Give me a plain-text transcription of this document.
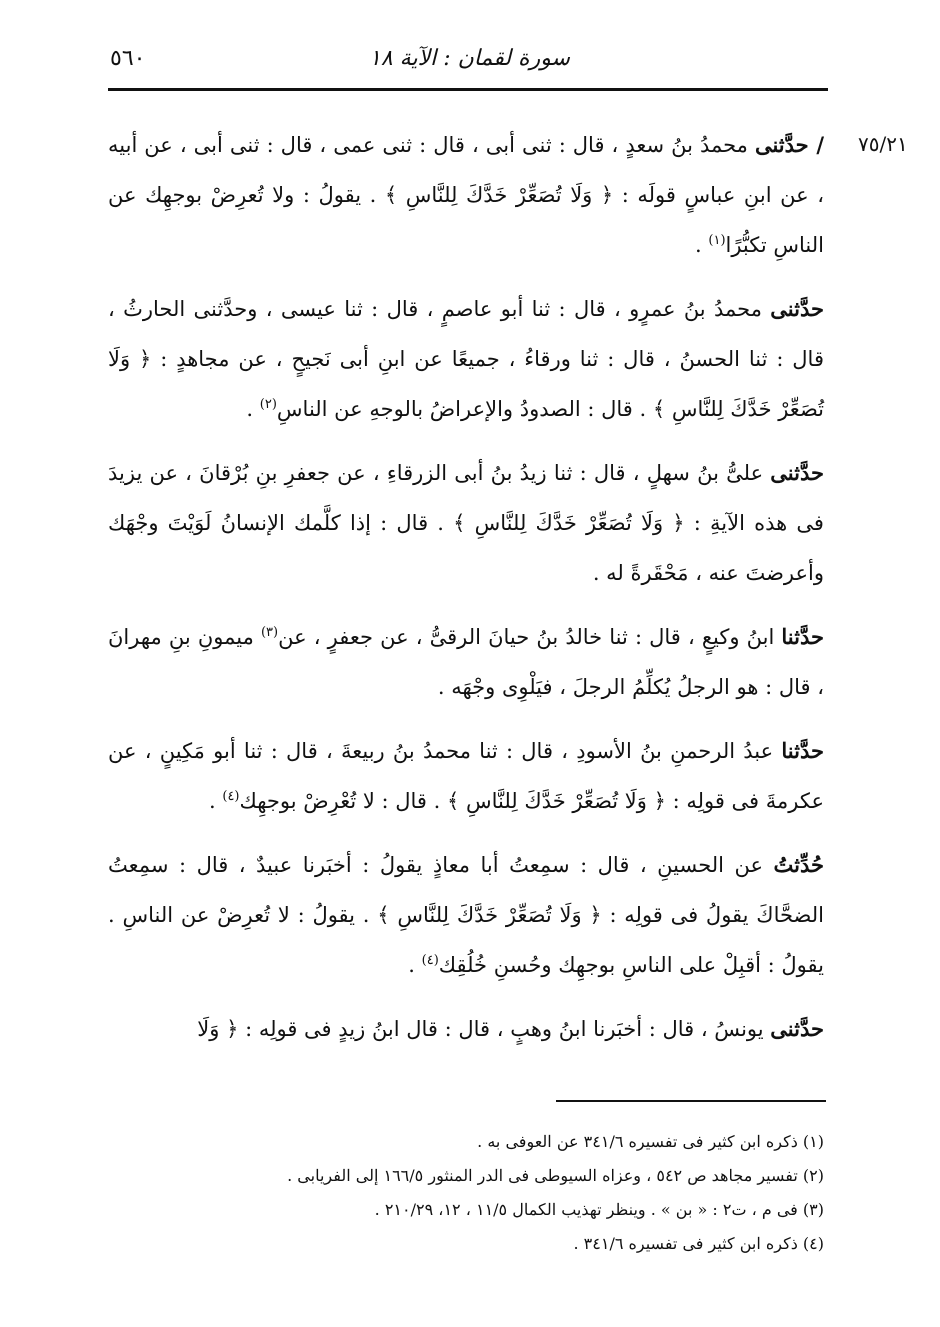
سورة لقمان : الآية ١٨
٥٦٠
٧٥/٢١

/ حدَّثنى محمدُ بنُ سعدٍ ، قال : ثنى أبى ، قال : ثنى عمى ، قال : ثنى أبى ، عن أبيه ، عن ابنِ عباسٍ قولَه : ﴿ وَلَا تُصَعِّرْ خَدَّكَ لِلنَّاسِ ﴾ . يقولُ : ولا تُعرِضْ بوجهِك عن الناسِ تكبُّرًا$^{(١)}$ .

حدَّثنى محمدُ بنُ عمرٍو ، قال : ثنا أبو عاصمٍ ، قال : ثنا عيسى ، وحدَّثنى الحارثُ ، قال : ثنا الحسنُ ، قال : ثنا ورقاءُ ، جميعًا عن ابنِ أبى نَجيحٍ ، عن مجاهدٍ : ﴿ وَلَا تُصَعِّرْ خَدَّكَ لِلنَّاسِ ﴾ . قال : الصدودُ والإعراضُ بالوجهِ عن الناسِ$^{(٢)}$ .

حدَّثنى علىُّ بنُ سهلٍ ، قال : ثنا زيدُ بنُ أبى الزرقاءِ ، عن جعفرِ بنِ بُرْقانَ ، عن يزيدَ فى هذه الآيةِ : ﴿ وَلَا تُصَعِّرْ خَدَّكَ لِلنَّاسِ ﴾ . قال : إذا كلَّمك الإنسانُ لَوَيْتَ وجْهَك وأعرضتَ عنه ، مَحْقَرةً له .

حدَّثنا ابنُ وكيعٍ ، قال : ثنا خالدُ بنُ حيانَ الرقىُّ ، عن جعفرٍ ، عن$^{(٣)}$ ميمونِ بنِ مهرانَ ، قال : هو الرجلُ يُكلِّمُ الرجلَ ، فيَلْوِى وجْهَه .

حدَّثنا عبدُ الرحمنِ بنُ الأسودِ ، قال : ثنا محمدُ بنُ ربيعةَ ، قال : ثنا أبو مَكِينٍ ، عن عكرمةَ فى قولِه : ﴿ وَلَا تُصَعِّرْ خَدَّكَ لِلنَّاسِ ﴾ . قال : لا تُعْرِضْ بوجهِك$^{(٤)}$ .

حُدِّثتُ عن الحسينِ ، قال : سمِعتُ أبا معاذٍ يقولُ : أخبَرنا عبيدٌ ، قال : سمِعتُ الضحَّاكَ يقولُ فى قولِه : ﴿ وَلَا تُصَعِّرْ خَدَّكَ لِلنَّاسِ ﴾ . يقولُ : لا تُعرِضْ عن الناسِ . يقولُ : أقبِلْ على الناسِ بوجهِك وحُسنِ خُلُقِك$^{(٤)}$ .

حدَّثنى يونسُ ، قال : أخبَرنا ابنُ وهبٍ ، قال : قال ابنُ زيدٍ فى قولِه : ﴿ وَلَا

(١) ذكره ابن كثير فى تفسيره ٣٤١/٦ عن العوفى به .
(٢) تفسير مجاهد ص ٥٤٢ ، وعزاه السيوطى فى الدر المنثور ١٦٦/٥ إلى الفريابى .
(٣) فى م ، ت٢ : « بن » . وينظر تهذيب الكمال ١١/٥ ، ١٢، ٢١٠/٢٩ .
(٤) ذكره ابن كثير فى تفسيره ٣٤١/٦ .
